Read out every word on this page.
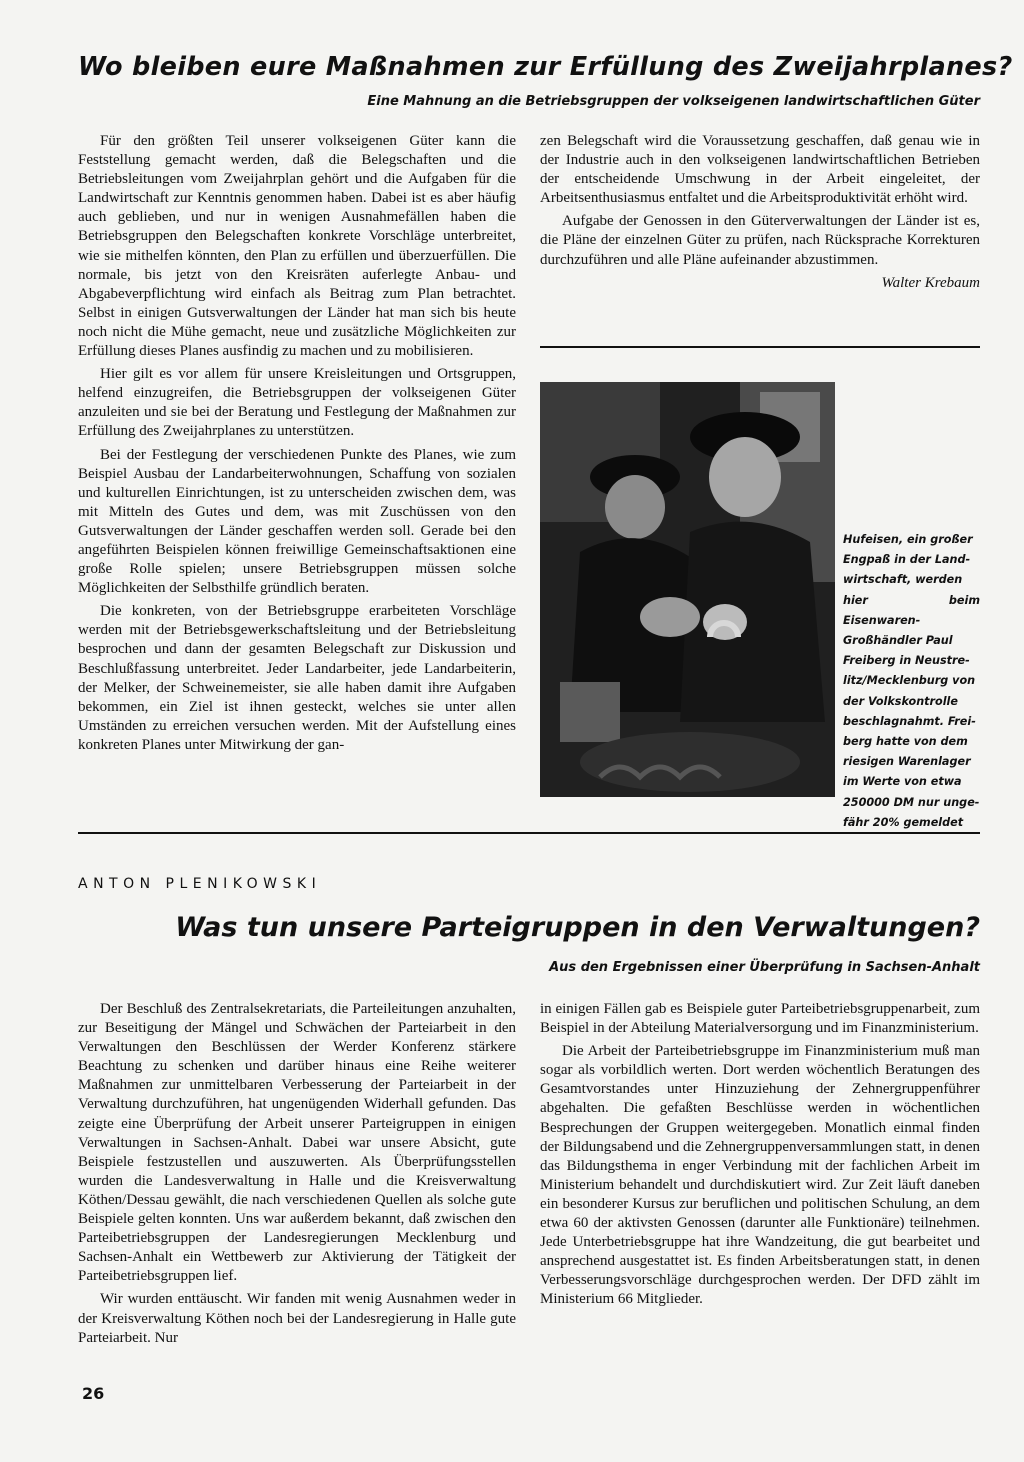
Wo bleiben eure Maßnahmen zur Erfüllung des Zweijahrplanes?
Eine Mahnung an die Betriebsgruppen der volkseigenen landwirtschaftlichen Güter

Für den größten Teil unserer volkseigenen Güter kann die Feststellung gemacht werden, daß die Belegschaften und die Betriebsleitungen vom Zweijahrplan gehört und die Aufgaben für die Landwirtschaft zur Kenntnis genommen haben. Dabei ist es aber häufig auch geblieben, und nur in wenigen Ausnahmefällen haben die Betriebsgruppen den Belegschaften konkrete Vorschläge unterbreitet, wie sie mithelfen könnten, den Plan zu erfüllen und überzuerfüllen. Die normale, bis jetzt von den Kreisräten auferlegte Anbau- und Abgabeverpflichtung wird einfach als Beitrag zum Plan betrachtet. Selbst in einigen Gutsverwaltungen der Länder hat man sich bis heute noch nicht die Mühe gemacht, neue und zusätzliche Möglichkeiten zur Erfüllung dieses Planes ausfindig zu machen und zu mobilisieren.

Hier gilt es vor allem für unsere Kreisleitungen und Ortsgruppen, helfend einzugreifen, die Betriebsgruppen der volkseigenen Güter anzuleiten und sie bei der Beratung und Festlegung der Maßnahmen zur Erfüllung des Zweijahrplanes zu unterstützen.

Bei der Festlegung der verschiedenen Punkte des Planes, wie zum Beispiel Ausbau der Landarbeiterwohnungen, Schaffung von sozialen und kulturellen Einrichtungen, ist zu unterscheiden zwischen dem, was mit Mitteln des Gutes und dem, was mit Zuschüssen von den Gutsverwaltungen der Länder geschaffen werden soll. Gerade bei den angeführten Beispielen können freiwillige Gemeinschaftsaktionen eine große Rolle spielen; unsere Betriebsgruppen müssen solche Möglichkeiten der Selbsthilfe gründlich beraten.

Die konkreten, von der Betriebsgruppe erarbeiteten Vorschläge werden mit der Betriebsgewerkschaftsleitung und der Betriebsleitung besprochen und dann der gesamten Belegschaft zur Diskussion und Beschlußfassung unterbreitet. Jeder Landarbeiter, jede Landarbeiterin, der Melker, der Schweinemeister, sie alle haben damit ihre Aufgaben bekommen, ein Ziel ist ihnen gesteckt, welches sie unter allen Umständen zu erreichen versuchen werden. Mit der Aufstellung eines konkreten Planes unter Mitwirkung der gan-

zen Belegschaft wird die Voraussetzung geschaffen, daß genau wie in der Industrie auch in den volkseigenen landwirtschaftlichen Betrieben der entscheidende Umschwung in der Arbeit eingeleitet, der Arbeitsenthusiasmus entfaltet und die Arbeitsproduktivität erhöht wird.

Aufgabe der Genossen in den Güterverwaltungen der Länder ist es, die Pläne der einzelnen Güter zu prüfen, nach Rücksprache Korrekturen durchzuführen und alle Pläne aufeinander abzustimmen.

Walter Krebaum
Hufeisen, ein großer
Engpaß in der Land-
wirtschaft, werden
hier beim Eisenwaren-
Großhändler Paul
Freiberg in Neustre-
litz/Mecklenburg von
der Volkskontrolle
beschlagnahmt. Frei-
berg hatte von dem
riesigen Warenlager
im Werte von etwa
250000 DM nur unge-
fähr 20% gemeldet
ANTON PLENIKOWSKI
Was tun unsere Parteigruppen in den Verwaltungen?
Aus den Ergebnissen einer Überprüfung in Sachsen-Anhalt

Der Beschluß des Zentralsekretariats, die Parteileitungen anzuhalten, zur Beseitigung der Mängel und Schwächen der Parteiarbeit in den Verwaltungen den Beschlüssen der Werder Konferenz stärkere Beachtung zu schenken und darüber hinaus eine Reihe weiterer Maßnahmen zur unmittelbaren Verbesserung der Parteiarbeit in der Verwaltung durchzuführen, hat ungenügenden Widerhall gefunden. Das zeigte eine Überprüfung der Arbeit unserer Parteigruppen in einigen Verwaltungen in Sachsen-Anhalt. Dabei war unsere Absicht, gute Beispiele festzustellen und auszuwerten. Als Überprüfungsstellen wurden die Landesverwaltung in Halle und die Kreisverwaltung Köthen/Dessau gewählt, die nach verschiedenen Quellen als solche gute Beispiele gelten konnten. Uns war außerdem bekannt, daß zwischen den Parteibetriebsgruppen der Landesregierungen Mecklenburg und Sachsen-Anhalt ein Wettbewerb zur Aktivierung der Tätigkeit der Parteibetriebsgruppen lief.

Wir wurden enttäuscht. Wir fanden mit wenig Ausnahmen weder in der Kreisverwaltung Köthen noch bei der Landesregierung in Halle gute Parteiarbeit. Nur

in einigen Fällen gab es Beispiele guter Parteibetriebsgruppenarbeit, zum Beispiel in der Abteilung Materialversorgung und im Finanzministerium.

Die Arbeit der Parteibetriebsgruppe im Finanzministerium muß man sogar als vorbildlich werten. Dort werden wöchentlich Beratungen des Gesamtvorstandes unter Hinzuziehung der Zehnergruppenführer abgehalten. Die gefaßten Beschlüsse werden in wöchentlichen Besprechungen der Gruppen weitergegeben. Monatlich einmal finden der Bildungsabend und die Zehnergruppenversammlungen statt, in denen das Bildungsthema in enger Verbindung mit der fachlichen Arbeit im Ministerium behandelt und durchdiskutiert wird. Zur Zeit läuft daneben ein besonderer Kursus zur beruflichen und politischen Schulung, an dem etwa 60 der aktivsten Genossen (darunter alle Funktionäre) teilnehmen. Jede Unterbetriebsgruppe hat ihre Wandzeitung, die gut bearbeitet und ansprechend ausgestattet ist. Es finden Arbeitsberatungen statt, in denen Verbesserungsvorschläge durchgesprochen werden. Der DFD zählt im Ministerium 66 Mitglieder.

26
